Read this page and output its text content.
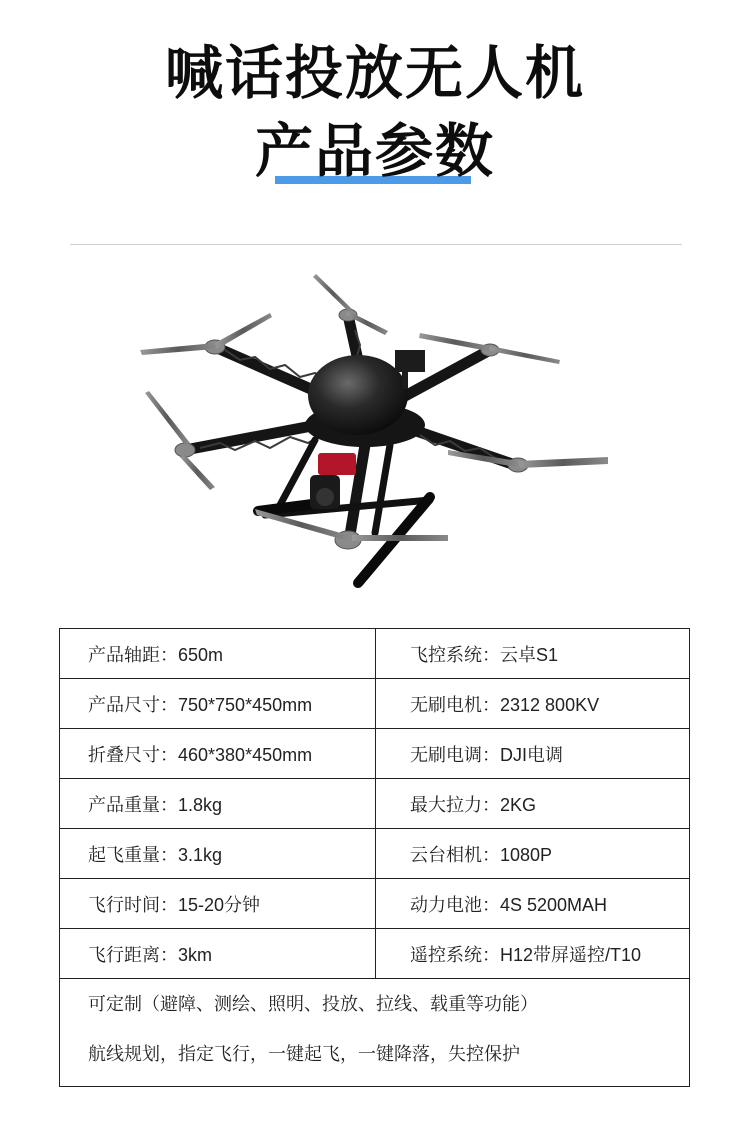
喊话投放无人机
产品参数
产品轴距：650m	飞控系统：云卓S1
产品尺寸：750*750*450mm	无刷电机：2312 800KV
折叠尺寸：460*380*450mm	无刷电调：DJI电调
产品重量：1.8kg	最大拉力：2KG
起飞重量：3.1kg	云台相机：1080P
飞行时间：15-20分钟	动力电池：4S 5200MAH
飞行距离：3km	遥控系统：H12带屏遥控/T10

可定制（避障、测绘、照明、投放、拉线、载重等功能）
航线规划，指定飞行，一键起飞，一键降落，失控保护	
